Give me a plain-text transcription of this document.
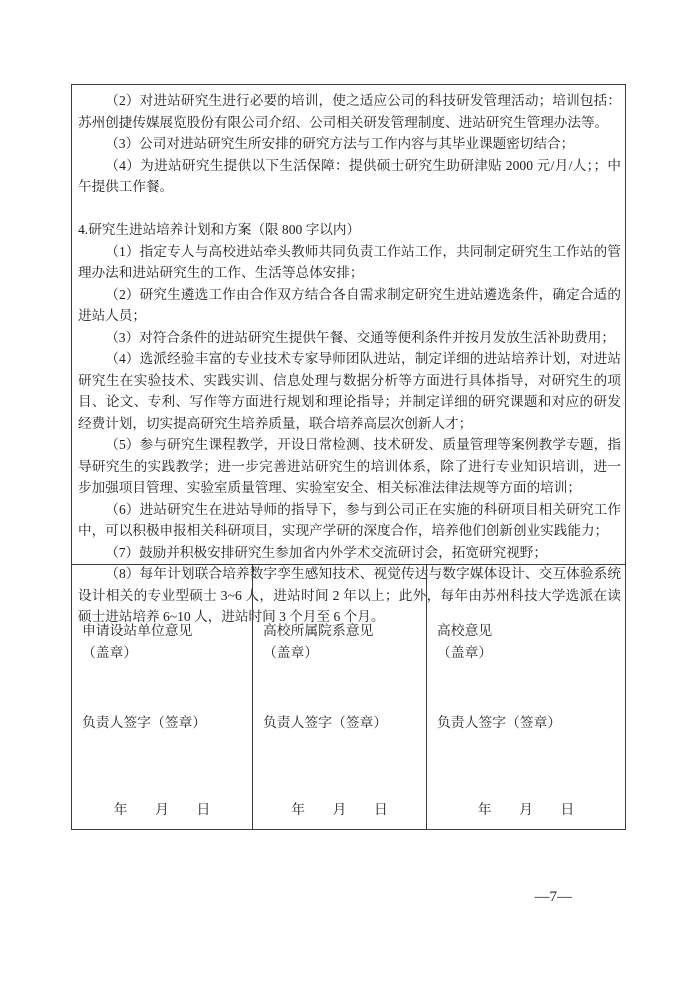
（2）对进站研究生进行必要的培训，使之适应公司的科技研发管理活动；培训包括：苏州创捷传媒展览股份有限公司介绍、公司相关研发管理制度、进站研究生管理办法等。

（3）公司对进站研究生所安排的研究方法与工作内容与其毕业课题密切结合；

（4）为进站研究生提供以下生活保障：提供硕士研究生助研津贴 2000 元/月/人；；中午提供工作餐。

4.研究生进站培养计划和方案（限 800 字以内）

（1）指定专人与高校进站牵头教师共同负责工作站工作，共同制定研究生工作站的管理办法和进站研究生的工作、生活等总体安排；

（2）研究生遴选工作由合作双方结合各自需求制定研究生进站遴选条件，确定合适的进站人员；

（3）对符合条件的进站研究生提供午餐、交通等便利条件并按月发放生活补助费用；

（4）选派经验丰富的专业技术专家导师团队进站，制定详细的进站培养计划，对进站研究生在实验技术、实践实训、信息处理与数据分析等方面进行具体指导，对研究生的项目、论文、专利、写作等方面进行规划和理论指导；并制定详细的研究课题和对应的研发经费计划，切实提高研究生培养质量，联合培养高层次创新人才；

（5）参与研究生课程教学，开设日常检测、技术研发、质量管理等案例教学专题，指导研究生的实践教学；进一步完善进站研究生的培训体系，除了进行专业知识培训，进一步加强项目管理、实验室质量管理、实验室安全、相关标准法律法规等方面的培训；

（6）进站研究生在进站导师的指导下，参与到公司正在实施的科研项目相关研究工作中，可以积极申报相关科研项目，实现产学研的深度合作，培养他们创新创业实践能力；

（7）鼓励并积极安排研究生参加省内外学术交流研讨会，拓宽研究视野；

（8）每年计划联合培养数字孪生感知技术、视觉传达与数字媒体设计、交互体验系统设计相关的专业型硕士 3~6 人，进站时间 2 年以上；此外，每年由苏州科技大学选派在读硕士进站培养 6~10 人，进站时间 3 个月至 6 个月。

申请设站单位意见
（盖章）
负责人签字（签章）
年　　月　　日
高校所属院系意见
（盖章）
负责人签字（签章）
年　　月　　日
高校意见
（盖章）
负责人签字（签章）
年　　月　　日
—7—
